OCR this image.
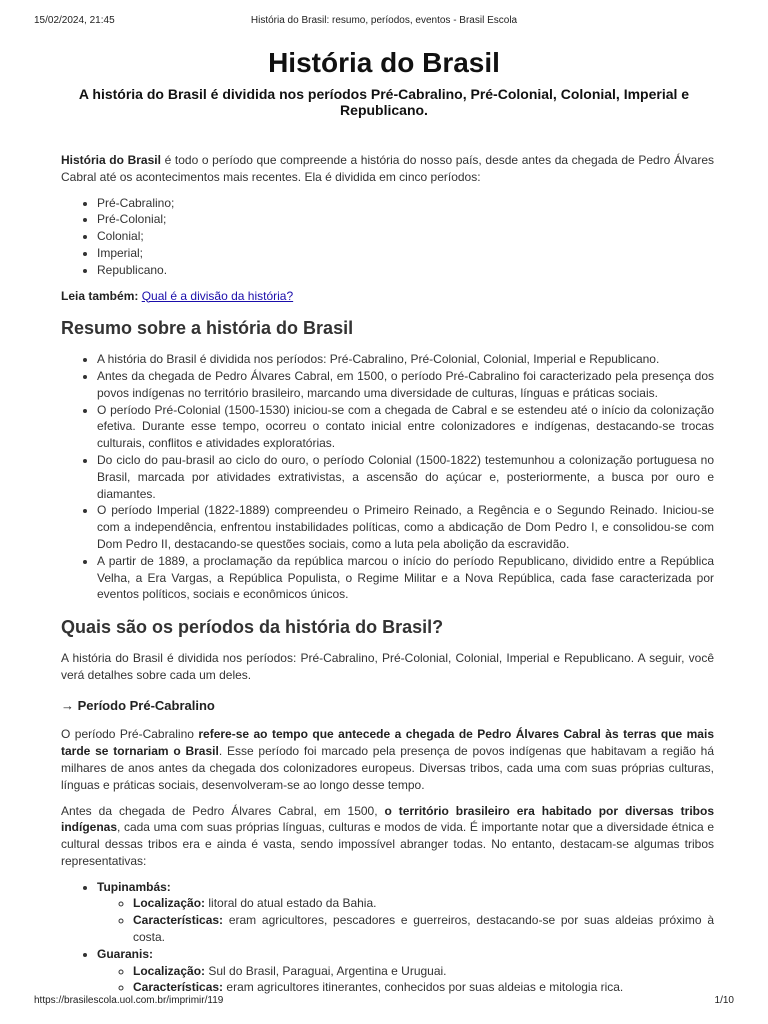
15/02/2024, 21:45	História do Brasil: resumo, períodos, eventos - Brasil Escola
História do Brasil

A história do Brasil é dividida nos períodos Pré-Cabralino, Pré-Colonial, Colonial, Imperial e Republicano.

História do Brasil é todo o período que compreende a história do nosso país, desde antes da chegada de Pedro Álvares Cabral até os acontecimentos mais recentes. Ela é dividida em cinco períodos:

• Pré-Cabralino;
• Pré-Colonial;
• Colonial;
• Imperial;
• Republicano.

Leia também: Qual é a divisão da história?

Resumo sobre a história do Brasil
• A história do Brasil é dividida nos períodos: Pré-Cabralino, Pré-Colonial, Colonial, Imperial e Republicano.
• Antes da chegada de Pedro Álvares Cabral, em 1500, o período Pré-Cabralino foi caracterizado pela presença dos povos indígenas no território brasileiro, marcando uma diversidade de culturas, línguas e práticas sociais.
• O período Pré-Colonial (1500-1530) iniciou-se com a chegada de Cabral e se estendeu até o início da colonização efetiva. Durante esse tempo, ocorreu o contato inicial entre colonizadores e indígenas, destacando-se trocas culturais, conflitos e atividades exploratórias.
• Do ciclo do pau-brasil ao ciclo do ouro, o período Colonial (1500-1822) testemunhou a colonização portuguesa no Brasil, marcada por atividades extrativistas, a ascensão do açúcar e, posteriormente, a busca por ouro e diamantes.
• O período Imperial (1822-1889) compreendeu o Primeiro Reinado, a Regência e o Segundo Reinado. Iniciou-se com a independência, enfrentou instabilidades políticas, como a abdicação de Dom Pedro I, e consolidou-se com Dom Pedro II, destacando-se questões sociais, como a luta pela abolição da escravidão.
• A partir de 1889, a proclamação da república marcou o início do período Republicano, dividido entre a República Velha, a Era Vargas, a República Populista, o Regime Militar e a Nova República, cada fase caracterizada por eventos políticos, sociais e econômicos únicos.
Quais são os períodos da história do Brasil?

A história do Brasil é dividida nos períodos: Pré-Cabralino, Pré-Colonial, Colonial, Imperial e Republicano. A seguir, você verá detalhes sobre cada um deles.

→ Período Pré-Cabralino

O período Pré-Cabralino refere-se ao tempo que antecede a chegada de Pedro Álvares Cabral às terras que mais tarde se tornariam o Brasil. Esse período foi marcado pela presença de povos indígenas que habitavam a região há milhares de anos antes da chegada dos colonizadores europeus. Diversas tribos, cada uma com suas próprias culturas, línguas e práticas sociais, desenvolveram-se ao longo desse tempo.

Antes da chegada de Pedro Álvares Cabral, em 1500, o território brasileiro era habitado por diversas tribos indígenas, cada uma com suas próprias línguas, culturas e modos de vida. É importante notar que a diversidade étnica e cultural dessas tribos era e ainda é vasta, sendo impossível abranger todas. No entanto, destacam-se algumas tribos representativas:

• Tupinambás:
◦ Localização: litoral do atual estado da Bahia.
◦ Características: eram agricultores, pescadores e guerreiros, destacando-se por suas aldeias próximo à costa.
• Guaranis:
◦ Localização: Sul do Brasil, Paraguai, Argentina e Uruguai.
◦ Características: eram agricultores itinerantes, conhecidos por suas aldeias e mitologia rica.
https://brasilescola.uol.com.br/imprimir/119	1/10
